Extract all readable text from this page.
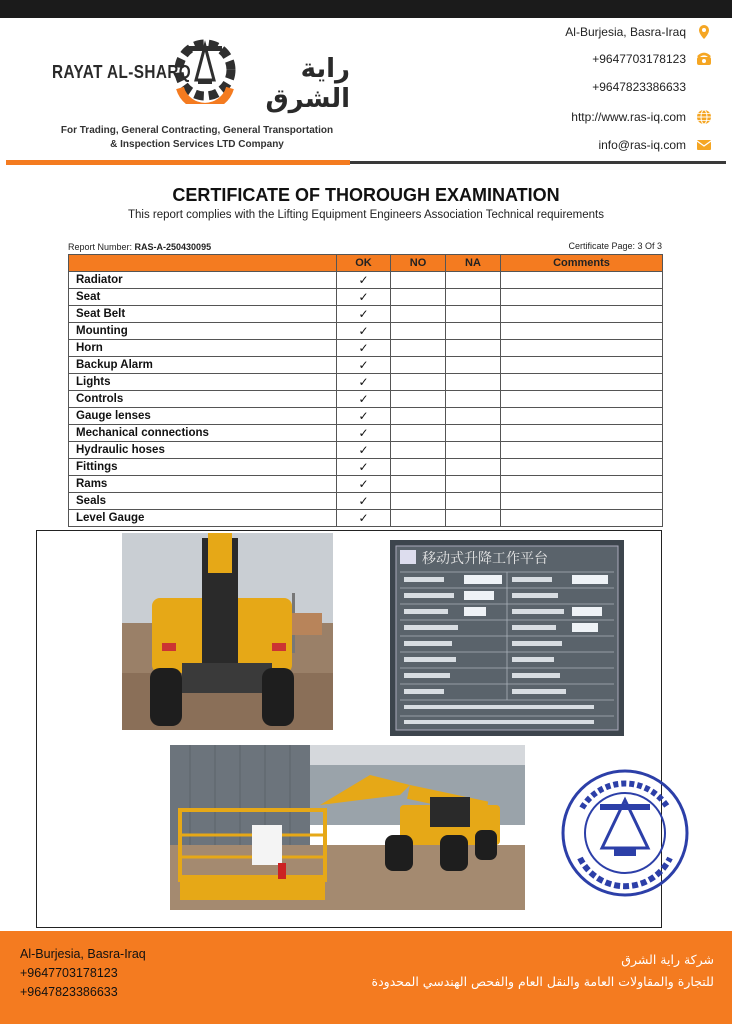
RAYAT AL-SHARQ	راية الشرق
For Trading, General Contracting, General Transportation
& Inspection Services LTD Company
Al-Burjesia, Basra-Iraq
+9647703178123
+9647823386633
http://www.ras-iq.com
info@ras-iq.com
CERTIFICATE OF THOROUGH EXAMINATION
This report complies with the Lifting Equipment Engineers Association Technical requirements
Report Number: RAS-A-250430095	Certificate Page: 3 Of 3
	OK	NO	NA	Comments
Radiator	✓			
Seat	✓			
Seat Belt	✓			
Mounting	✓			
Horn	✓			
Backup Alarm	✓			
Lights	✓			
Controls	✓			
Gauge lenses	✓			
Mechanical connections	✓			
Hydraulic hoses	✓			
Fittings	✓			
Rams	✓			
Seals	✓			
Level Gauge	✓			
移动式升降工作平台
Al-Burjesia, Basra-Iraq
+9647703178123
+9647823386633
شركة راية الشرق
للتجارة والمقاولات العامة والنقل العام والفحص الهندسي المحدودة
